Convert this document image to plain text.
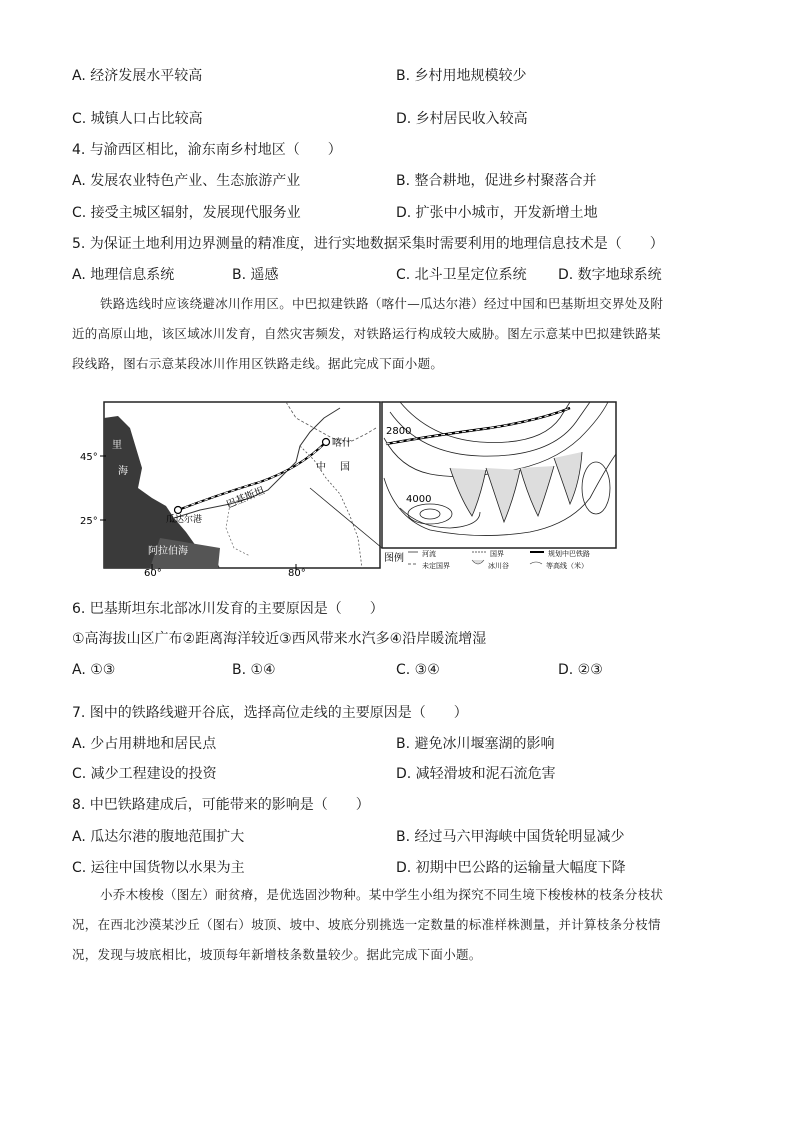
A. 经济发展水平较高	B. 乡村用地规模较少
C. 城镇人口占比较高	D. 乡村居民收入较高
4. 与渝西区相比，渝东南乡村地区（　　）
A. 发展农业特色产业、生态旅游产业	B. 整合耕地，促进乡村聚落合并
C. 接受主城区辐射，发展现代服务业	D. 扩张中小城市，开发新增土地
5. 为保证土地利用边界测量的精准度，进行实地数据采集时需要利用的地理信息技术是（　　）
A. 地理信息系统	B. 遥感	C. 北斗卫星定位系统 D. 数字地球系统
铁路选线时应该绕避冰川作用区。中巴拟建铁路（喀什—瓜达尔港）经过中国和巴基斯坦交界处及附
近的高原山地，该区域冰川发育，自然灾害频发，对铁路运行构成较大威胁。图左示意某中巴拟建铁路某
段线路，图右示意某段冰川作用区铁路走线。据此完成下面小题。
45°
25°
60°	80°
喀什
中 国
巴基斯坦
瓜达尔港
阿拉伯海
里
海
2800
4000
图例	河流	国界	规划中巴铁路
未定国界	冰川谷	等高线（米）
6. 巴基斯坦东北部冰川发育的主要原因是（　　）
①高海拔山区广布②距离海洋较近③西风带来水汽多④沿岸暖流增湿
A. ①③	B. ①④	C. ③④	D. ②③
7. 图中的铁路线避开谷底，选择高位走线的主要原因是（　　）
A. 少占用耕地和居民点	B. 避免冰川堰塞湖的影响
C. 减少工程建设的投资	D. 减轻滑坡和泥石流危害
8. 中巴铁路建成后，可能带来的影响是（　　）
A. 瓜达尔港的腹地范围扩大	B. 经过马六甲海峡中国货轮明显减少
C. 运往中国货物以水果为主	D. 初期中巴公路的运输量大幅度下降
小乔木梭梭（图左）耐贫瘠，是优选固沙物种。某中学生小组为探究不同生境下梭梭林的枝条分枝状
况，在西北沙漠某沙丘（图右）坡顶、坡中、坡底分别挑选一定数量的标准样株测量，并计算枝条分枝情
况，发现与坡底相比，坡顶每年新增枝条数量较少。据此完成下面小题。
